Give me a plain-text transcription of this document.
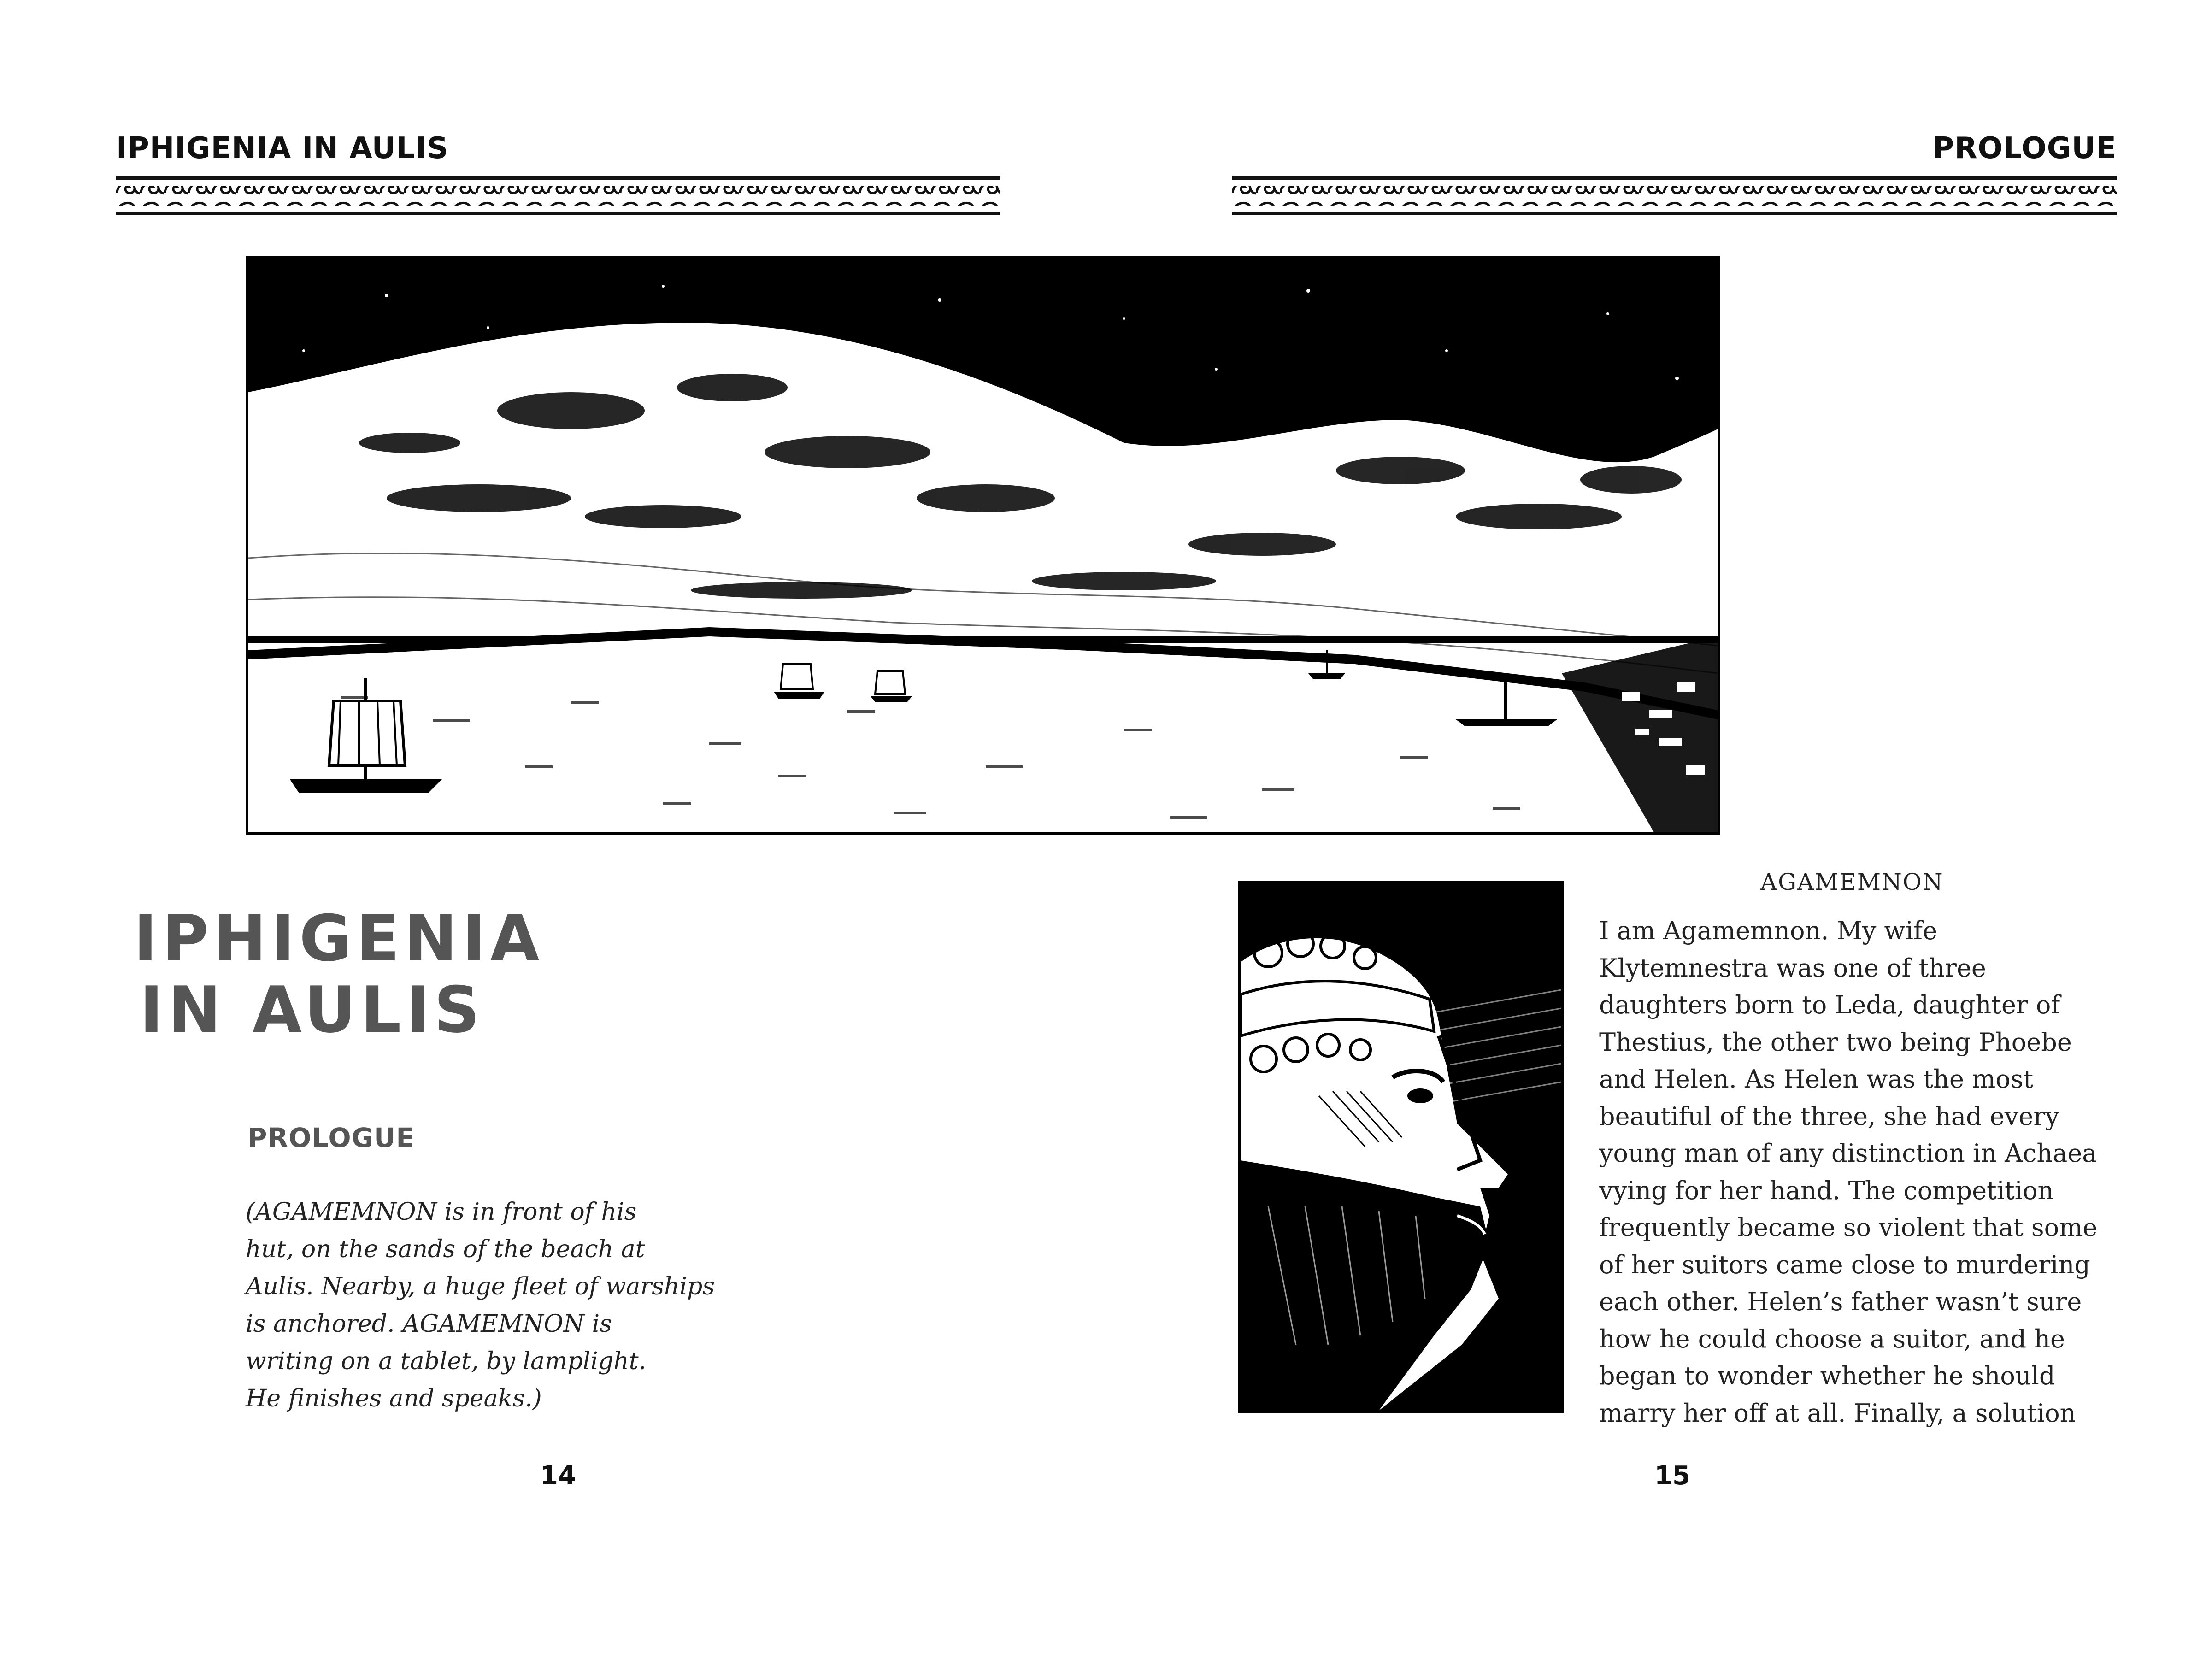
IPHIGENIA IN AULIS	PROLOGUE
IPHIGENIA
IN AULIS
PROLOGUE
(AGAMEMNON is in front of his
hut, on the sands of the beach at
Aulis. Nearby, a huge fleet of warships
is anchored. AGAMEMNON is
writing on a tablet, by lamplight.
He finishes and speaks.)
14
AGAMEMNON
I am Agamemnon. My wife
Klytemnestra was one of three
daughters born to Leda, daughter of
Thestius, the other two being Phoebe
and Helen. As Helen was the most
beautiful of the three, she had every
young man of any distinction in Achaea
vying for her hand. The competition
frequently became so violent that some
of her suitors came close to murdering
each other. Helen’s father wasn’t sure
how he could choose a suitor, and he
began to wonder whether he should
marry her off at all. Finally, a solution
15
